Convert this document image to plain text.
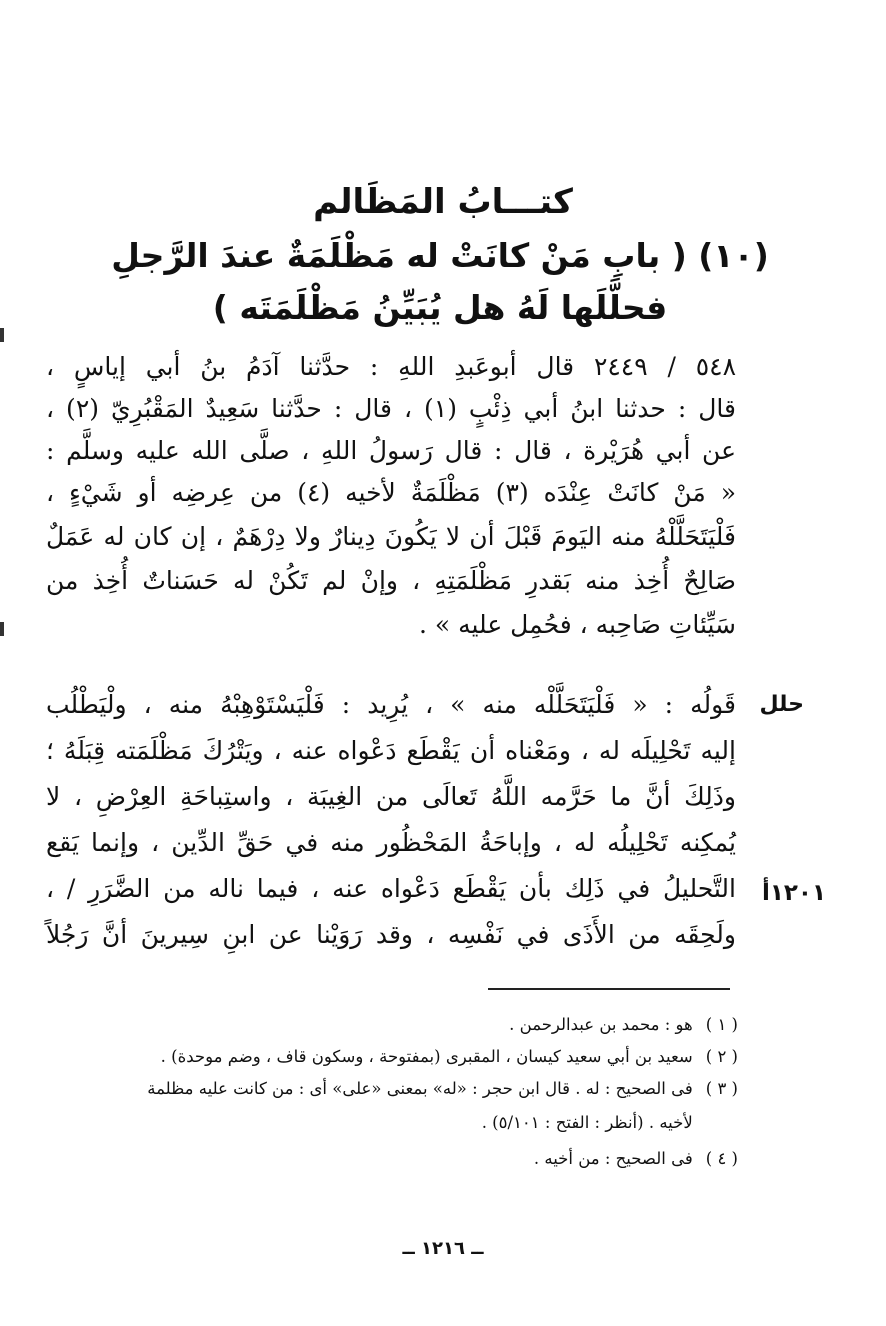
كتـــابُ المَظَالم
(١٠) ( بابِ مَنْ كانَتْ له مَظْلَمَةٌ عندَ الرَّجلِ
فحلَّلَها لَهُ هل يُبَيِّنُ مَظْلَمَتَه )
٥٤٨ / ٢٤٤٩ قال أبوعَبدِ اللهِ : حدَّثنا آدَمُ بنُ أبي إياسٍ ،
قال : حدثنا ابنُ أبي ذِئْبٍ (١) ، قال : حدَّثنا سَعِيدٌ المَقْبُرِيّ (٢) ،
عن أبي هُرَيْرة ، قال : قال رَسولُ اللهِ ، صلَّى الله عليه وسلَّم :
« مَنْ كانَتْ عِنْدَه (٣) مَظْلَمَةٌ لأخيه (٤) من عِرضِه أو شَيْءٍ ،
فَلْيَتَحَلَّلْهُ منه اليَومَ قَبْلَ أن لا يَكُونَ دِينارٌ ولا دِرْهَمٌ ، إن كان له عَمَلٌ
صَالِحٌ أُخِذ منه بَقدرِ مَظْلَمَتِهِ ، وإنْ لم تَكُنْ له حَسَناتٌ أُخِذ من
سَيِّئاتِ صَاحِبه ، فحُمِل عليه » .
حلل
قَولُه : « فَلْيَتَحَلَّلْه منه » ، يُرِيد : فَلْيَسْتَوْهِبْهُ منه ، ولْيَطْلُب
إليه تَحْلِيلَه له ، ومَعْناه أن يَقْطَع دَعْواه عنه ، ويَتْرُكَ مَظْلَمَته قِبَلَهُ ؛
وذَلِكَ أنَّ ما حَرَّمه اللَّهُ تَعالَى من الغِيبَة ، واستِباحَةِ العِرْضِ ، لا
يُمكِنه تَحْلِيلُه له ، وإباحَةُ المَحْظُور منه في حَقِّ الدِّين ، وإنما يَقع
التَّحليلُ في ذَلِك بأن يَقْطَع دَعْواه عنه ، فيما ناله من الضَّرَرِ / ،
ولَحِقَه من الأَذَى في نَفْسِه ، وقد رَوَيْنا عن ابنِ سِيرينَ أنَّ رَجُلاً
١٢٠١أ
( ١ ) هو : محمد بن عبدالرحمن .
( ٢ ) سعيد بن أبي سعيد كيسان ، المقبرى (بمفتوحة ، وسكون قاف ، وضم موحدة) .
( ٣ ) فى الصحيح : له . قال ابن حجر : «له» بمعنى «على» أى : من كانت عليه مظلمة
لأخيه . (أنظر : الفتح : ٥/١٠١) .
( ٤ ) فى الصحيح : من أخيه .
ــ ١٢١٦ ــ
